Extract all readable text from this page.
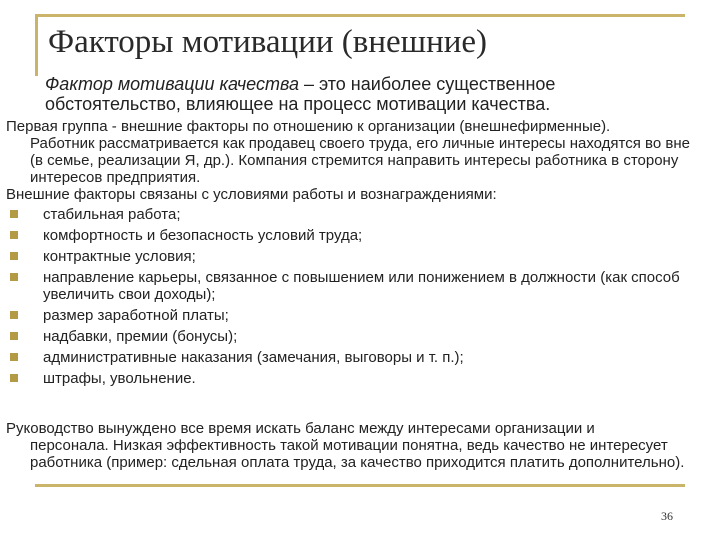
Факторы мотивации (внешние)
Фактор мотивации качества – это наиболее существенное обстоятельство, влияющее на процесс мотивации качества.

Первая группа - внешние факторы по отношению к организации (внешнефирменные).
Работник рассматривается как продавец своего труда, его личные интересы находятся во вне (в семье, реализации Я, др.). Компания стремится направить интересы работника в сторону интересов предприятия.

Внешние факторы связаны с условиями работы и вознаграждениями:

стабильная работа;
комфортность и безопасность условий труда;
контрактные условия;
направление карьеры, связанное с повышением или понижением в должности (как способ увеличить свои доходы);
размер заработной платы;
надбавки, премии (бонусы);
административные наказания (замечания, выговоры и т. п.);
штрафы, увольнение.

Руководство вынуждено все время искать баланс между интересами организации и
персонала. Низкая эффективность такой мотивации понятна, ведь качество не интересует работника (пример: сдельная оплата труда, за качество приходится платить дополнительно).

36
